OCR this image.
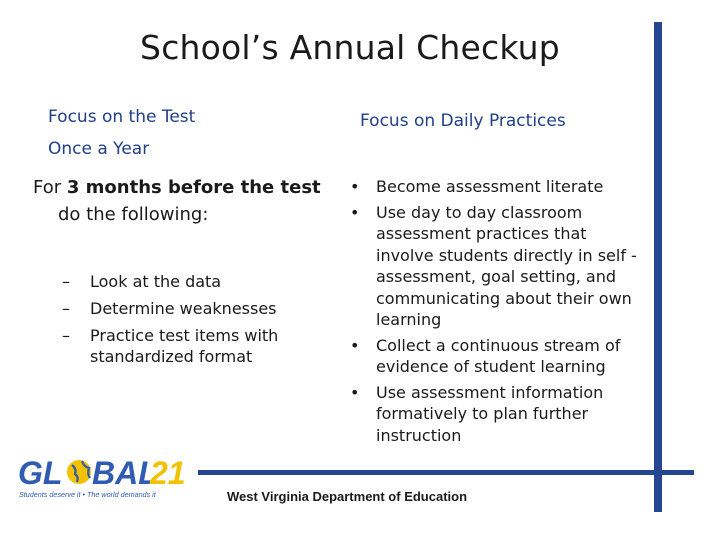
School’s Annual Checkup
Focus on the Test
Once a Year
Focus on Daily Practices
For 3 months before the test
do the following:
– Look at the data
– Determine weaknesses
– Practice test items with
standardized format
• Become assessment literate
• Use day to day classroom assessment practices that involve students directly in self -assessment, goal setting, and communicating about their own learning
• Collect a continuous stream of evidence of student learning
• Use assessment information formatively to plan further instruction
GL BAL
21
Students deserve it • The world demands it	West Virginia Department of Education
